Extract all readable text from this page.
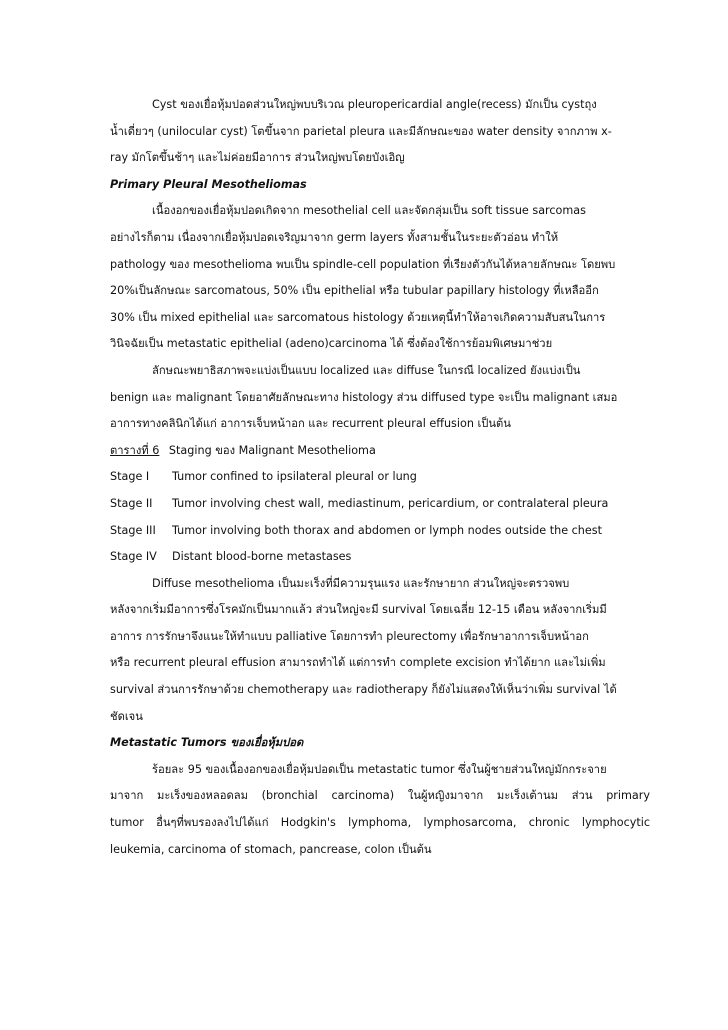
Cyst ของเยื่อหุ้มปอดส่วนใหญ่พบบริเวณ pleuropericardial angle(recess) มักเป็น cystถุง
น้ำเดี่ยวๆ (unilocular cyst) โตขึ้นจาก parietal pleura และมีลักษณะของ water density จากภาพ x-
ray มักโตขึ้นช้าๆ และไม่ค่อยมีอาการ ส่วนใหญ่พบโดยบังเอิญ

Primary Pleural Mesotheliomas

เนื้องอกของเยื่อหุ้มปอดเกิดจาก mesothelial cell และจัดกลุ่มเป็น soft tissue sarcomas
อย่างไรก็ตาม เนื่องจากเยื่อหุ้มปอดเจริญมาจาก germ layers ทั้งสามชั้นในระยะตัวอ่อน ทำให้
pathology ของ mesothelioma พบเป็น spindle-cell population ที่เรียงตัวกันได้หลายลักษณะ โดยพบ
20%เป็นลักษณะ sarcomatous, 50% เป็น epithelial หรือ tubular papillary histology ที่เหลืออีก
30% เป็น mixed epithelial และ sarcomatous histology ด้วยเหตุนี้ทำให้อาจเกิดความสับสนในการ
วินิจฉัยเป็น metastatic epithelial (adeno)carcinoma ได้ ซึ่งต้องใช้การย้อมพิเศษมาช่วย

ลักษณะพยาธิสภาพจะแบ่งเป็นแบบ localized และ diffuse ในกรณี localized ยังแบ่งเป็น
benign และ malignant โดยอาศัยลักษณะทาง histology ส่วน diffused type จะเป็น malignant เสมอ
อาการทางคลินิกได้แก่ อาการเจ็บหน้าอก และ recurrent pleural effusion เป็นต้น

ตารางที่ 6 Staging ของ Malignant Mesothelioma

Stage I	Tumor confined to ipsilateral pleural or lung
Stage II	Tumor involving chest wall, mediastinum, pericardium, or contralateral pleura
Stage III	Tumor involving both thorax and abdomen or lymph nodes outside the chest
Stage IV	Distant blood-borne metastases

Diffuse mesothelioma เป็นมะเร็งที่มีความรุนแรง และรักษายาก ส่วนใหญ่จะตรวจพบ
หลังจากเริ่มมีอาการซึ่งโรคมักเป็นมากแล้ว ส่วนใหญ่จะมี survival โดยเฉลี่ย 12-15 เดือน หลังจากเริ่มมี
อาการ การรักษาจึงแนะให้ทำแบบ palliative โดยการทำ pleurectomy เพื่อรักษาอาการเจ็บหน้าอก
หรือ recurrent pleural effusion สามารถทำได้ แต่การทำ complete excision ทำได้ยาก และไม่เพิ่ม
survival ส่วนการรักษาด้วย chemotherapy และ radiotherapy ก็ยังไม่แสดงให้เห็นว่าเพิ่ม survival ได้
ชัดเจน

Metastatic Tumors ของเยื่อหุ้มปอด

ร้อยละ 95 ของเนื้องอกของเยื่อหุ้มปอดเป็น metastatic tumor ซึ่งในผู้ชายส่วนใหญ่มักกระจาย
มาจาก มะเร็งของหลอดลม (bronchial carcinoma) ในผู้หญิงมาจาก มะเร็งเต้านม ส่วน primary
tumor อื่นๆที่พบรองลงไปได้แก่ Hodgkin's lymphoma, lymphosarcoma, chronic lymphocytic
leukemia, carcinoma of stomach, pancrease, colon เป็นต้น
